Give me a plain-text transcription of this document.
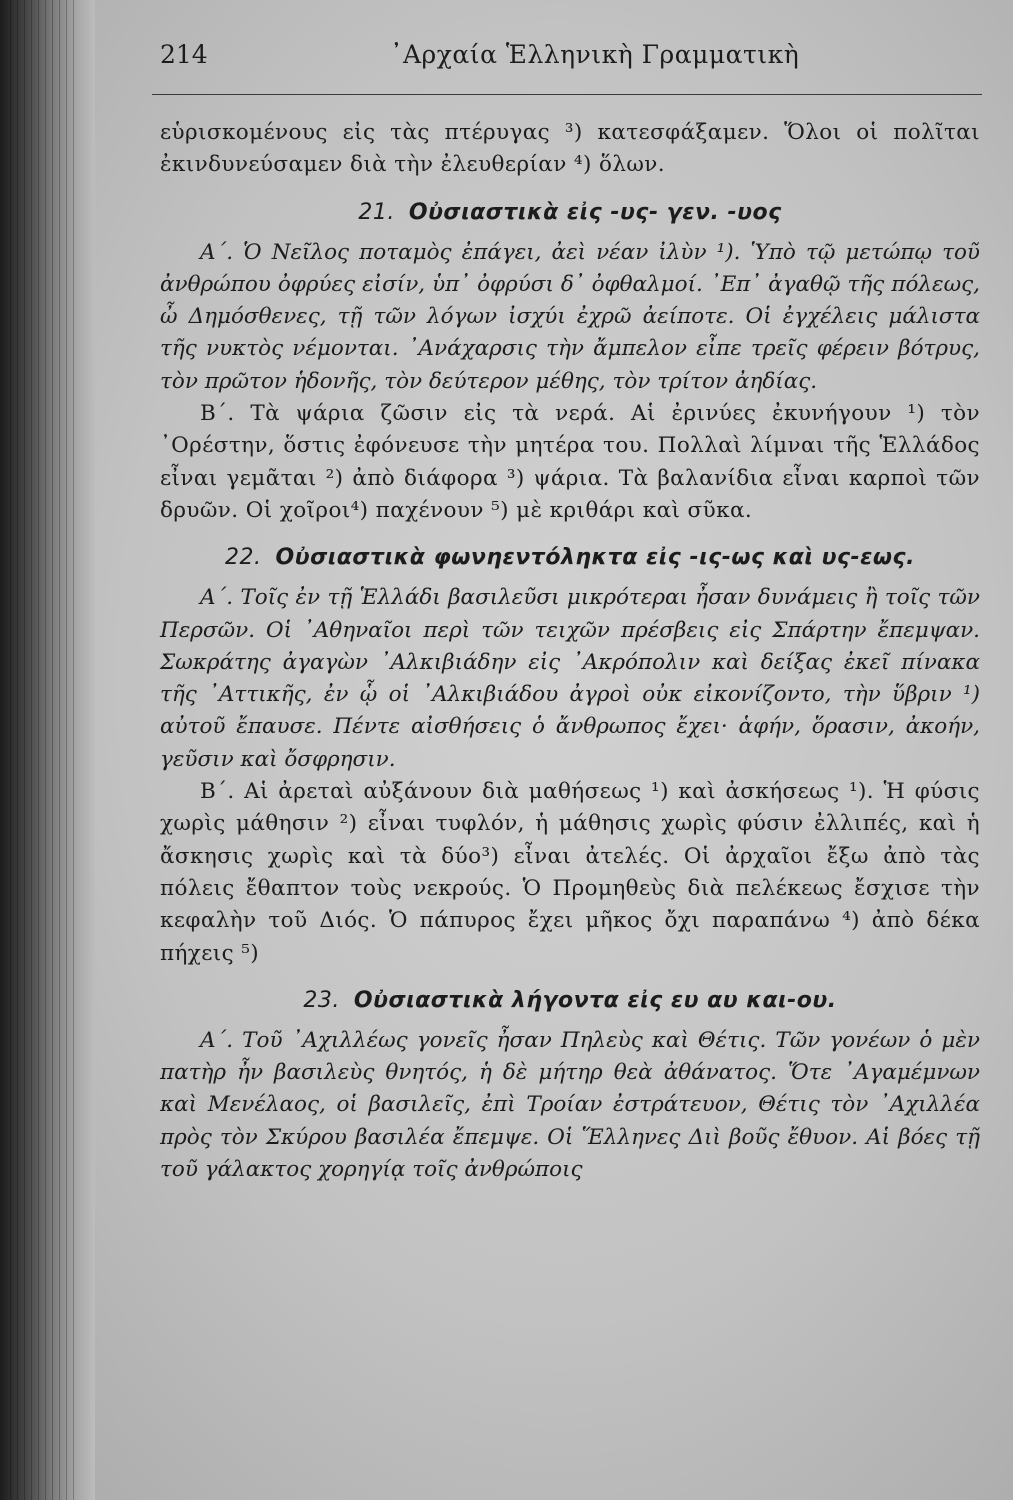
214	᾿Αρχαία Ἑλληνικὴ Γραμματικὴ

εὑρισκομένους εἰς τὰς πτέρυγας ³) κατεσφάξαμεν. Ὅλοι οἱ πολῖται ἐκινδυνεύσαμεν διὰ τὴν ἐλευθερίαν ⁴) ὅλων.

21. Οὐσιαστικὰ εἰς -υς- γεν. -υος

Α΄. Ὁ Νεῖλος ποταμὸς ἐπάγει, ἀεὶ νέαν ἰλὺν ¹). Ὑπὸ τῷ μετώπῳ τοῦ ἀνθρώπου ὀφρύες εἰσίν, ὑπ᾿ ὀφρύσι δ᾿ ὀφθαλμοί. ᾿Επ᾿ ἀγαθῷ τῆς πόλεως, ὦ Δημόσθενες, τῇ τῶν λόγων ἰσχύι ἐχρῶ ἀείποτε. Οἱ ἐγχέλεις μάλιστα τῆς νυκτὸς νέμονται. ᾿Ανάχαρσις τὴν ἄμπελον εἶπε τρεῖς φέρειν βότρυς, τὸν πρῶτον ἡδονῆς, τὸν δεύτερον μέθης, τὸν τρίτον ἀηδίας.

Β΄. Τὰ ψάρια ζῶσιν εἰς τὰ νερά. Αἱ ἐρινύες ἐκυνήγουν ¹) τὸν ᾿Ορέστην, ὅστις ἐφόνευσε τὴν μητέρα του. Πολλαὶ λίμναι τῆς Ἑλλάδος εἶναι γεμᾶται ²) ἀπὸ διάφορα ³) ψάρια. Τὰ βαλανίδια εἶναι καρποὶ τῶν δρυῶν. Οἱ χοῖροι⁴) παχένουν ⁵) μὲ κριθάρι καὶ σῦκα.

22. Οὐσιαστικὰ φωνηεντόληκτα εἰς -ις-ως καὶ υς-εως.

Α΄. Τοῖς ἐν τῇ Ἑλλάδι βασιλεῦσι μικρότεραι ἦσαν δυνάμεις ἢ τοῖς τῶν Περσῶν. Οἱ ᾿Αθηναῖοι περὶ τῶν τειχῶν πρέσβεις εἰς Σπάρτην ἔπεμψαν. Σωκράτης ἀγαγὼν ᾿Αλκιβιάδην εἰς ᾿Ακρόπολιν καὶ δείξας ἐκεῖ πίνακα τῆς ᾿Αττικῆς, ἐν ᾧ οἱ ᾿Αλκιβιάδου ἀγροὶ οὐκ εἰκονίζοντο, τὴν ὕβριν ¹) αὐτοῦ ἔπαυσε. Πέντε αἰσθήσεις ὁ ἄνθρωπος ἔχει· ἁφήν, ὅρασιν, ἀκοήν, γεῦσιν καὶ ὄσφρησιν.

Β΄. Αἱ ἀρεταὶ αὐξάνουν διὰ μαθήσεως ¹) καὶ ἀσκήσεως ¹). Ἡ φύσις χωρὶς μάθησιν ²) εἶναι τυφλόν, ἡ μάθησις χωρὶς φύσιν ἐλλιπές, καὶ ἡ ἄσκησις χωρὶς καὶ τὰ δύο³) εἶναι ἀτελές. Οἱ ἀρχαῖοι ἔξω ἀπὸ τὰς πόλεις ἔθαπτον τοὺς νεκρούς. Ὁ Προμηθεὺς διὰ πελέκεως ἔσχισε τὴν κεφαλὴν τοῦ Διός. Ὁ πάπυρος ἔχει μῆκος ὄχι παραπάνω ⁴) ἀπὸ δέκα πήχεις ⁵)

23. Οὐσιαστικὰ λήγοντα εἰς ευ αυ και-ου.

Α΄. Τοῦ ᾿Αχιλλέως γονεῖς ἦσαν Πηλεὺς καὶ Θέτις. Τῶν γονέων ὁ μὲν πατὴρ ἦν βασιλεὺς θνητός, ἡ δὲ μήτηρ θεὰ ἀθάνατος. Ὅτε ᾿Αγαμέμνων καὶ Μενέλαος, οἱ βασιλεῖς, ἐπὶ Τροίαν ἐστράτευον, Θέτις τὸν ᾿Αχιλλέα πρὸς τὸν Σκύρου βασιλέα ἔπεμψε. Οἱ Ἕλληνες Διὶ βοῦς ἔθυον. Αἱ βόες τῇ τοῦ γάλακτος χορηγίᾳ τοῖς ἀνθρώποις
